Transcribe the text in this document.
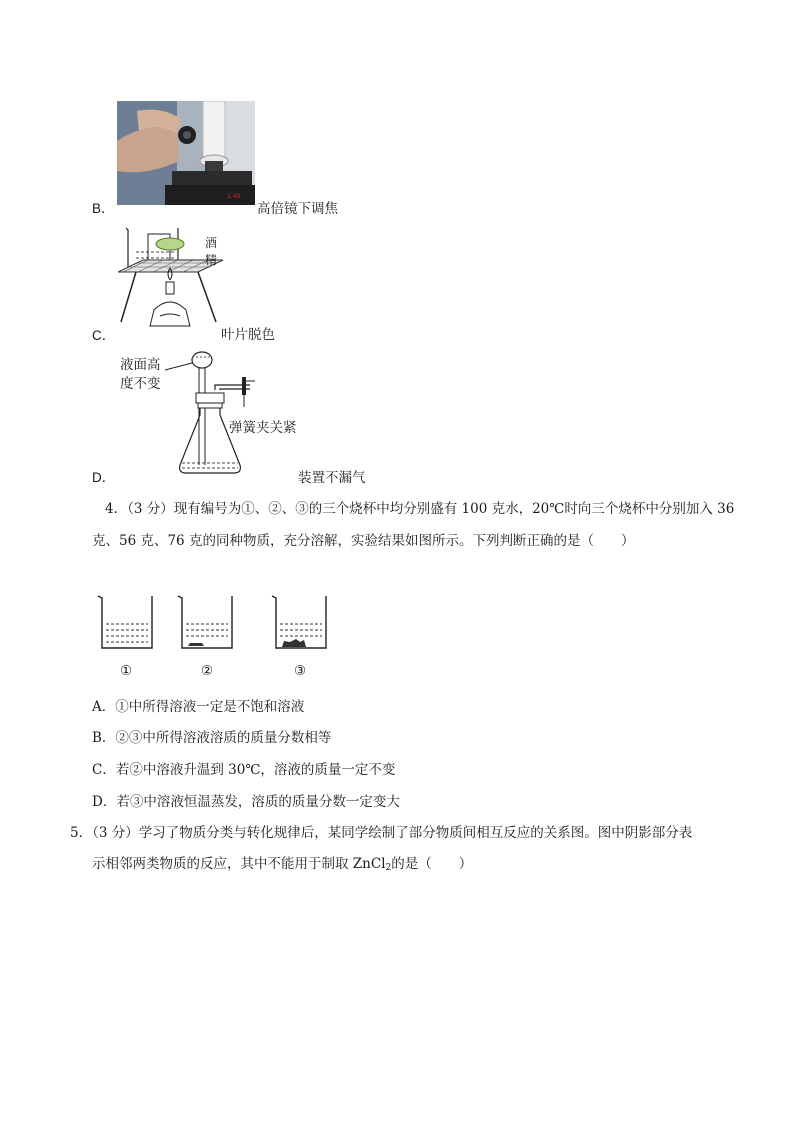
1.4X
B．	高倍镜下调焦
酒
精
C．	叶片脱色
液面高
度不变
弹簧夹关紧
D．	装置不漏气
4．（3 分）现有编号为①、②、③的三个烧杯中均分别盛有 100 克水，20℃时向三个烧杯中分别加入 36
克、56 克、76 克的同种物质，充分溶解，实验结果如图所示。下列判断正确的是（　　）
①	②	③
A．①中所得溶液一定是不饱和溶液
B．②③中所得溶液溶质的质量分数相等
C．若②中溶液升温到 30℃，溶液的质量一定不变
D．若③中溶液恒温蒸发，溶质的质量分数一定变大
5．（3 分）学习了物质分类与转化规律后，某同学绘制了部分物质间相互反应的关系图。图中阴影部分表
示相邻两类物质的反应，其中不能用于制取 ZnCl$_2$的是（　　）
